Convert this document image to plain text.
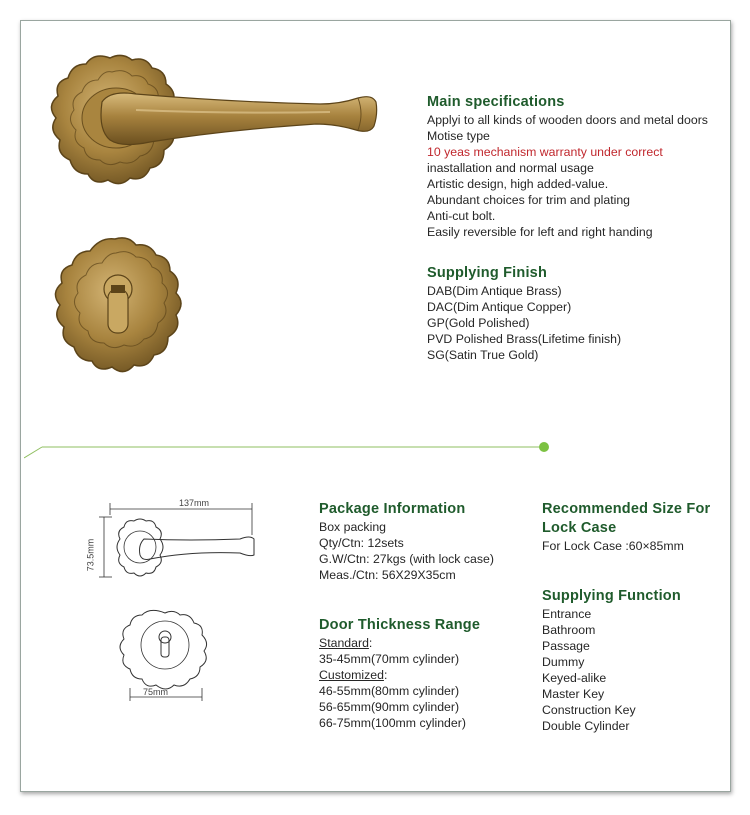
Main specifications
Applyi to all kinds of wooden doors and metal doors
Motise type
10 yeas mechanism warranty under correct
inastallation and normal usage
Artistic design, high added-value.
Abundant choices for trim and plating
Anti-cut bolt.
Easily reversible for left and right handing
Supplying Finish
DAB(Dim Antique Brass)
DAC(Dim Antique Copper)
GP(Gold Polished)
PVD Polished Brass(Lifetime finish)
SG(Satin True Gold)
137mm
73.5mm
75mm
Package Information
Box packing
Qty/Ctn: 12sets
G.W/Ctn: 27kgs (with lock case)
Meas./Ctn: 56X29X35cm
Door Thickness Range
Standard:
35-45mm(70mm cylinder)
Customized:
46-55mm(80mm cylinder)
56-65mm(90mm cylinder)
66-75mm(100mm cylinder)
Recommended Size For
Lock Case
For Lock Case :60×85mm
Supplying Function
Entrance
Bathroom
Passage
Dummy
Keyed-alike
Master Key
Construction Key
Double Cylinder
